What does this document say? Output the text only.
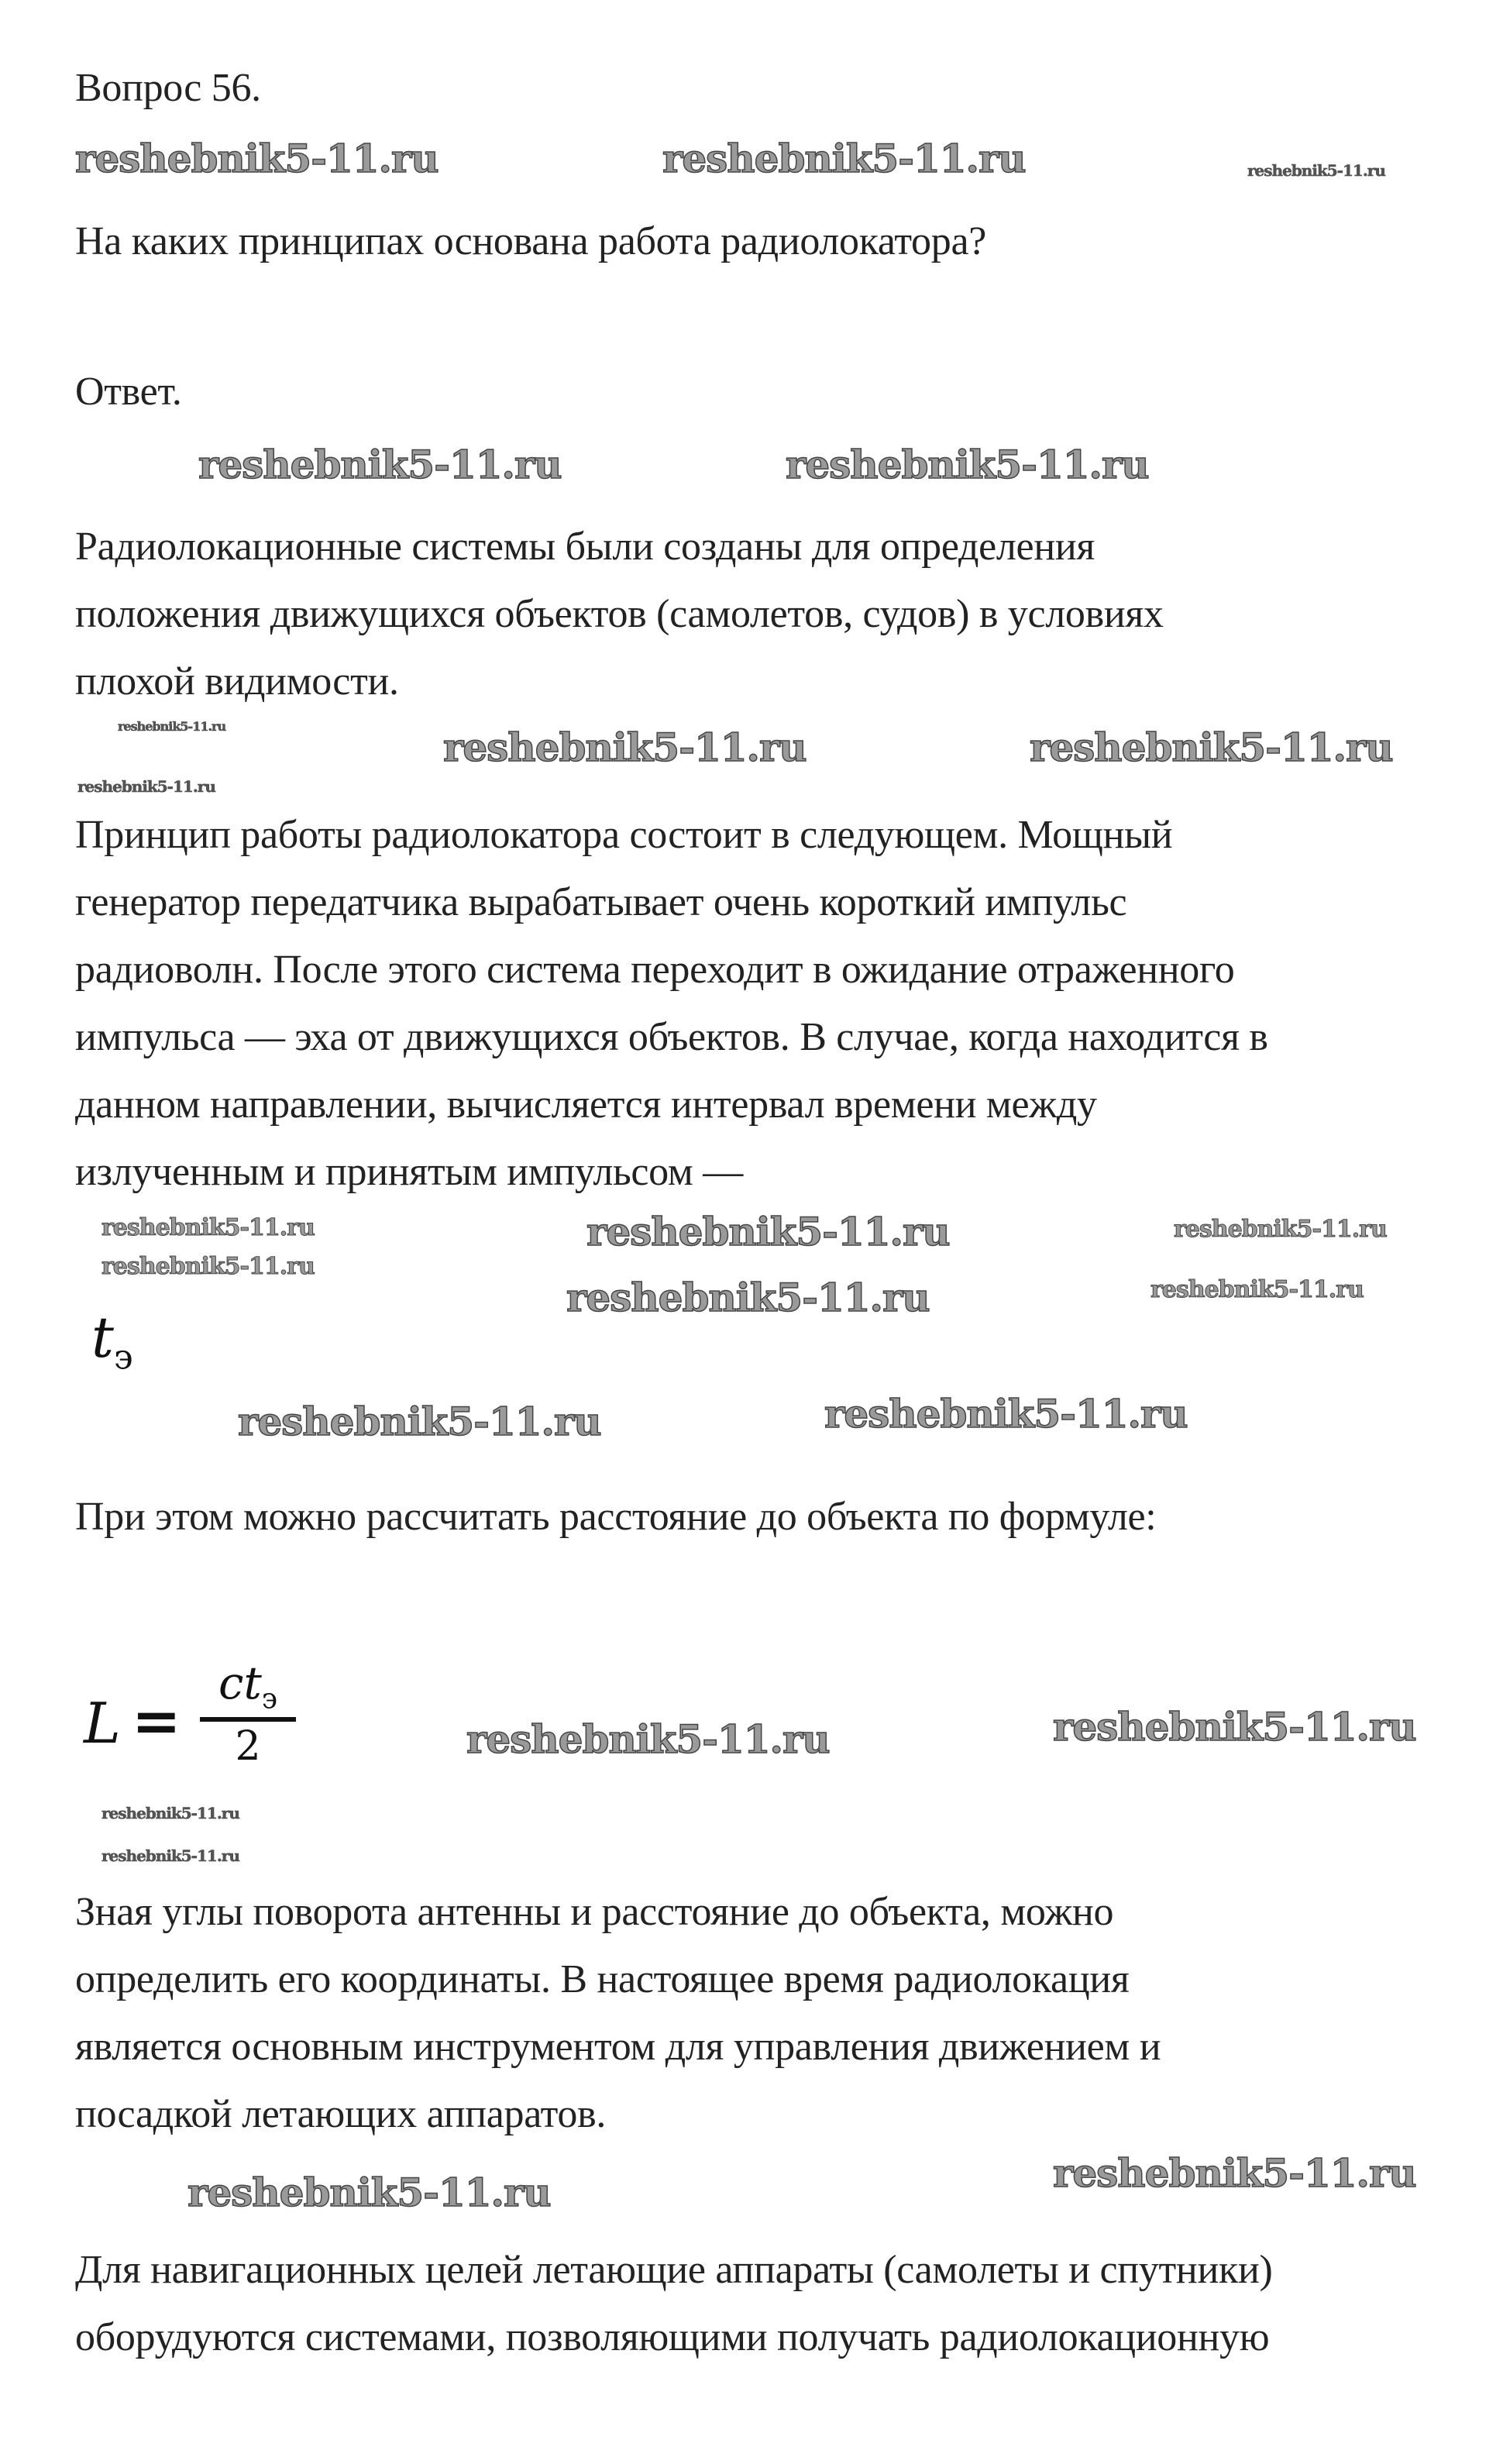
Вопрос 56.
На каких принципах основана работа радиолокатора?
Ответ.
Радиолокационные системы были созданы для определения
положения движущихся объектов (самолетов, судов) в условиях
плохой видимости.
Принцип работы радиолокатора состоит в следующем. Мощный
генератор передатчика вырабатывает очень короткий импульс
радиоволн. После этого система переходит в ожидание отраженного
импульса — эха от движущихся объектов. В случае, когда находится в
данном направлении, вычисляется интервал времени между
излученным и принятым импульсом —
$t_э$
При этом можно рассчитать расстояние до объекта по формуле:
L =
$ct_э$
2
Зная углы поворота антенны и расстояние до объекта, можно
определить его координаты. В настоящее время радиолокация
является основным инструментом для управления движением и
посадкой летающих аппаратов.
Для навигационных целей летающие аппараты (самолеты и спутники)
оборудуются системами, позволяющими получать радиолокационную
reshebnik5-11.ru	reshebnik5-11.ru	reshebnik5-11.ru
reshebnik5-11.ru	reshebnik5-11.ru
reshebnik5-11.ru	reshebnik5-11.ru
reshebnik5-11.ru
reshebnik5-11.ru
reshebnik5-11.ru	reshebnik5-11.ru
reshebnik5-11.ru
reshebnik5-11.ru
reshebnik5-11.ru
reshebnik5-11.ru
reshebnik5-11.ru	reshebnik5-11.ru
reshebnik5-11.ru	reshebnik5-11.ru
reshebnik5-11.ru
reshebnik5-11.ru
reshebnik5-11.ru
reshebnik5-11.ru
